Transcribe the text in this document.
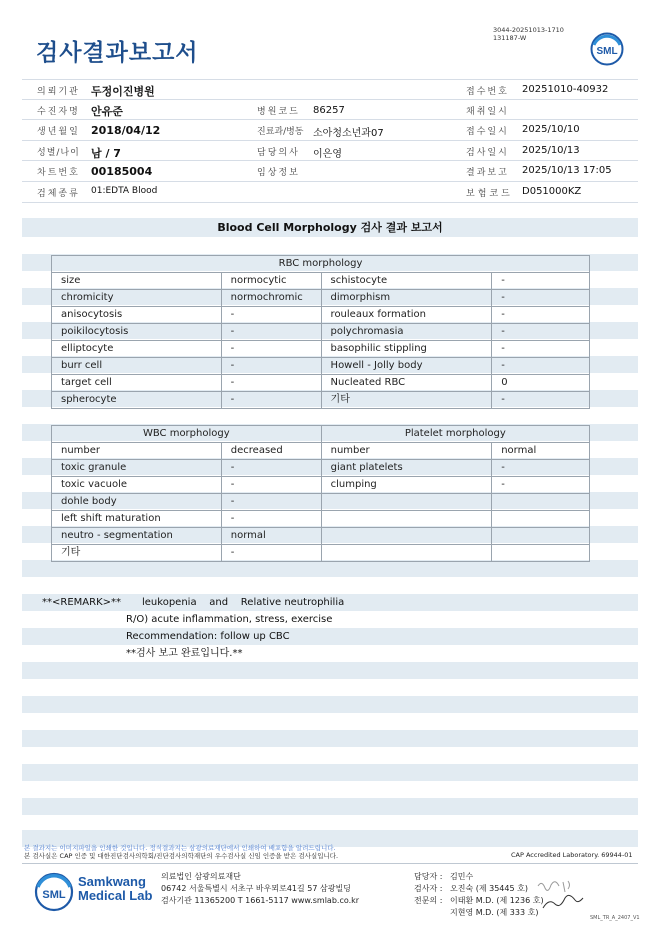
검사결과보고서
3044-20251013-1710
131187-W
SML
의뢰기관 두정이진병원	접수번호 20251010-40932
수진자명 안유준	병원코드 86257	채취일시
생년월일 2018/04/12	진료과/병동 소아청소년과07	접수일시 2025/10/10
성별/나이 남 / 7	담당의사 이은영	검사일시 2025/10/13
차트번호 00185004	임상정보	결과보고 2025/10/13 17:05
검체종류 01:EDTA Blood	보험코드 D051000KZ
Blood Cell Morphology 검사 결과 보고서
RBC morphology			
size	normocytic	schistocyte	-
chromicity	normochromic	dimorphism	-
anisocytosis	-	rouleaux formation	-
poikilocytosis	-	polychromasia	-
elliptocyte	-	basophilic stippling	-
burr cell	-	Howell - Jolly body	-
target cell	-	Nucleated RBC	0
spherocyte	-	기타	-
WBC morphology		Platelet morphology	
number	decreased	number	normal
toxic granule	-	giant platelets	-
toxic vacuole	-	clumping	-
dohle body	-		
left shift maturation	-		
neutro - segmentation	normal		
기타	-		
**<REMARK>** leukopenia    and    Relative neutrophilia
R/O) acute inflammation, stress, exercise
Recommendation: follow up CBC
**검사 보고 완료입니다.**
본 결과지는 이미지파일을 인쇄한 것입니다. 정식결과지는 삼광의료재단에서 인쇄하여 배포함을 알려드립니다.
본 검사실은 CAP 인증 및 대한진단검사의학회/진단검사의학재단의 우수검사실 신임 인증을 받은 검사실입니다.	CAP Accredited Laboratory. 69944-01
SML
Samkwang
Medical Lab
의료법인 삼광의료재단
06742 서울특별시 서초구 바우뫼로41길 57 삼광빌딩
검사기관 11365200 T 1661-5117 www.smlab.co.kr
담당자 : 김민수
검사자 : 오진숙 (제 35445 호)
전문의 : 이태환 M.D. (제 1236 호)
지현영 M.D. (제 333 호)
SML_TR_A_2407_V1
